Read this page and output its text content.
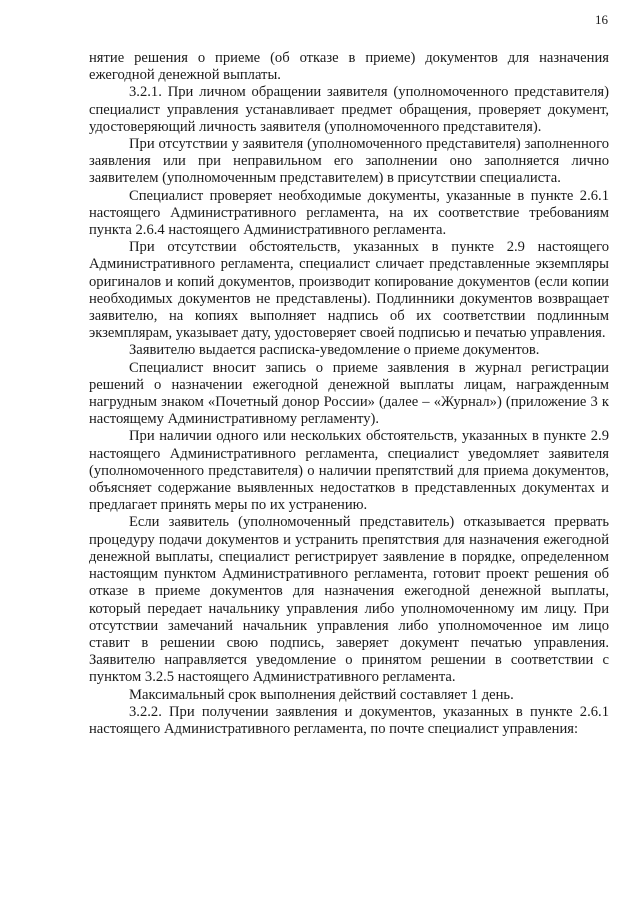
16

нятие решения о приеме (об отказе в приеме) документов для назначения ежегодной денежной выплаты.

3.2.1. При личном обращении заявителя (уполномоченного представителя) специалист управления устанавливает предмет обращения, проверяет документ, удостоверяющий личность заявителя (уполномоченного представителя).

При отсутствии у заявителя (уполномоченного представителя) заполненного заявления или при неправильном его заполнении оно заполняется лично заявителем (уполномоченным представителем) в присутствии специалиста.

Специалист проверяет необходимые документы, указанные в пункте 2.6.1 настоящего Административного регламента, на их соответствие требованиям пункта 2.6.4 настоящего Административного регламента.

При отсутствии обстоятельств, указанных в пункте 2.9 настоящего Административного регламента, специалист сличает представленные экземпляры оригиналов и копий документов, производит копирование документов (если копии необходимых документов не представлены). Подлинники документов возвращает заявителю, на копиях выполняет надпись об их соответствии подлинным экземплярам, указывает дату, удостоверяет своей подписью и печатью управления.

Заявителю выдается расписка-уведомление о приеме документов.

Специалист вносит запись о приеме заявления в журнал регистрации решений о назначении ежегодной денежной выплаты лицам, награжденным нагрудным знаком «Почетный донор России» (далее – «Журнал») (приложение 3 к настоящему Административному регламенту).

При наличии одного или нескольких обстоятельств, указанных в пункте 2.9 настоящего Административного регламента, специалист уведомляет заявителя (уполномоченного представителя) о наличии препятствий для приема документов, объясняет содержание выявленных недостатков в представленных документах и предлагает принять меры по их устранению.

Если заявитель (уполномоченный представитель) отказывается прервать процедуру подачи документов и устранить препятствия для назначения ежегодной денежной выплаты, специалист регистрирует заявление в порядке, определенном настоящим пунктом Административного регламента, готовит проект решения об отказе в приеме документов для назначения ежегодной денежной выплаты, который передает начальнику управления либо уполномоченному им лицу. При отсутствии замечаний начальник управления либо уполномоченное им лицо ставит в решении свою подпись, заверяет документ печатью управления. Заявителю направляется уведомление о принятом решении в соответствии с пунктом 3.2.5 настоящего Административного регламента.

Максимальный срок выполнения действий составляет 1 день.

3.2.2. При получении заявления и документов, указанных в пункте 2.6.1 настоящего Административного регламента, по почте специалист управления:
